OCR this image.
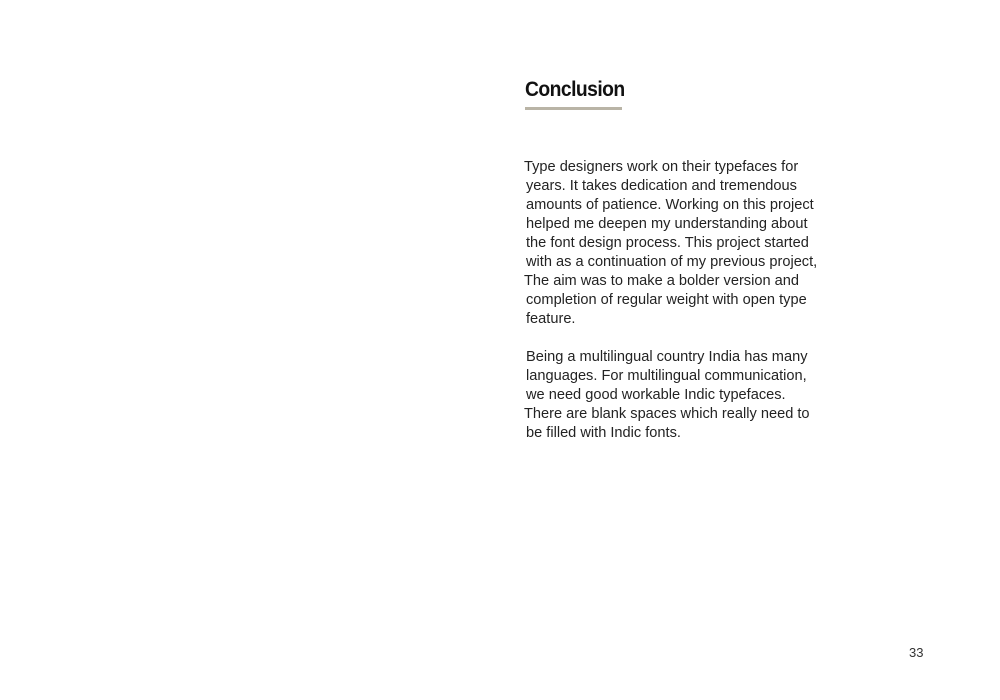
Conclusion

Type designers work on their typefaces for
years. It takes dedication and tremendous
amounts of patience. Working on this project
helped me deepen my understanding about
the font design process. This project started
with as a continuation of my previous project,
The aim was to make a bolder version and
completion of regular weight with open type
feature.

Being a multilingual country India has many
languages. For multilingual communication,
we need good workable Indic typefaces.
There are blank spaces which really need to
be filled with Indic fonts.

33
